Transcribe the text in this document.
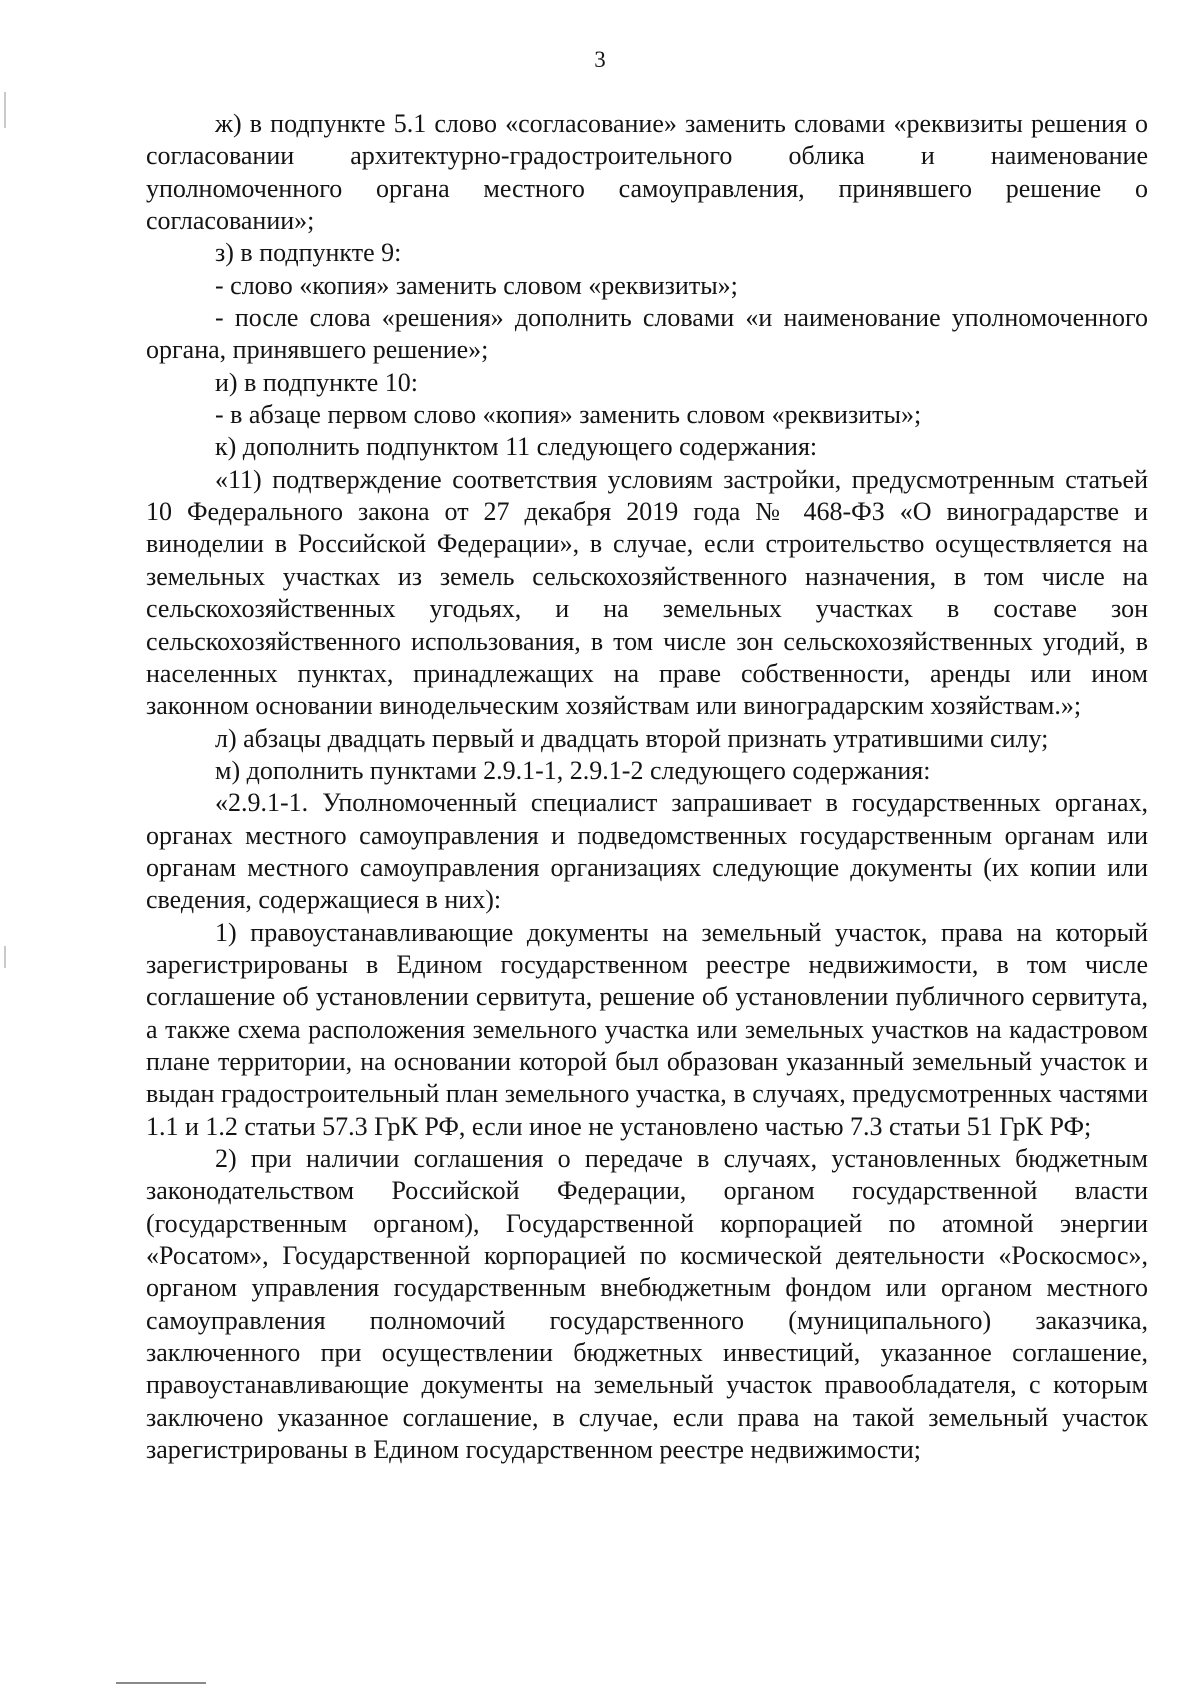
3

ж) в подпункте 5.1 слово «согласование» заменить словами «реквизиты решения о согласовании архитектурно-градостроительного облика и наименование уполномоченного органа местного самоуправления, принявшего решение о согласовании»;

з) в подпункте 9:

- слово «копия» заменить словом «реквизиты»;

- после слова «решения» дополнить словами «и наименование уполномоченного органа, принявшего решение»;

и) в подпункте 10:

- в абзаце первом слово «копия» заменить словом «реквизиты»;

к) дополнить подпунктом 11 следующего содержания:

«11) подтверждение соответствия условиям застройки, предусмотренным статьей 10 Федерального закона от 27 декабря 2019 года № 468-ФЗ «О виноградарстве и виноделии в Российской Федерации», в случае, если строительство осуществляется на земельных участках из земель сельскохозяйственного назначения, в том числе на сельскохозяйственных угодьях, и на земельных участках в составе зон сельскохозяйственного использования, в том числе зон сельскохозяйственных угодий, в населенных пунктах, принадлежащих на праве собственности, аренды или ином законном основании винодельческим хозяйствам или виноградарским хозяйствам.»;

л) абзацы двадцать первый и двадцать второй признать утратившими силу;

м) дополнить пунктами 2.9.1-1, 2.9.1-2 следующего содержания:

«2.9.1-1. Уполномоченный специалист запрашивает в государственных органах, органах местного самоуправления и подведомственных государственным органам или органам местного самоуправления организациях следующие документы (их копии или сведения, содержащиеся в них):

1) правоустанавливающие документы на земельный участок, права на который зарегистрированы в Едином государственном реестре недвижимости, в том числе соглашение об установлении сервитута, решение об установлении публичного сервитута, а также схема расположения земельного участка или земельных участков на кадастровом плане территории, на основании которой был образован указанный земельный участок и выдан градостроительный план земельного участка, в случаях, предусмотренных частями 1.1 и 1.2 статьи 57.3 ГрК РФ, если иное не установлено частью 7.3 статьи 51 ГрК РФ;

2) при наличии соглашения о передаче в случаях, установленных бюджетным законодательством Российской Федерации, органом государственной власти (государственным органом), Государственной корпорацией по атомной энергии «Росатом», Государственной корпорацией по космической деятельности «Роскосмос», органом управления государственным внебюджетным фондом или органом местного самоуправления полномочий государственного (муниципального) заказчика, заключенного при осуществлении бюджетных инвестиций, указанное соглашение, правоустанавливающие документы на земельный участок правообладателя, с которым заключено указанное соглашение, в случае, если права на такой земельный участок зарегистрированы в Едином государственном реестре недвижимости;
